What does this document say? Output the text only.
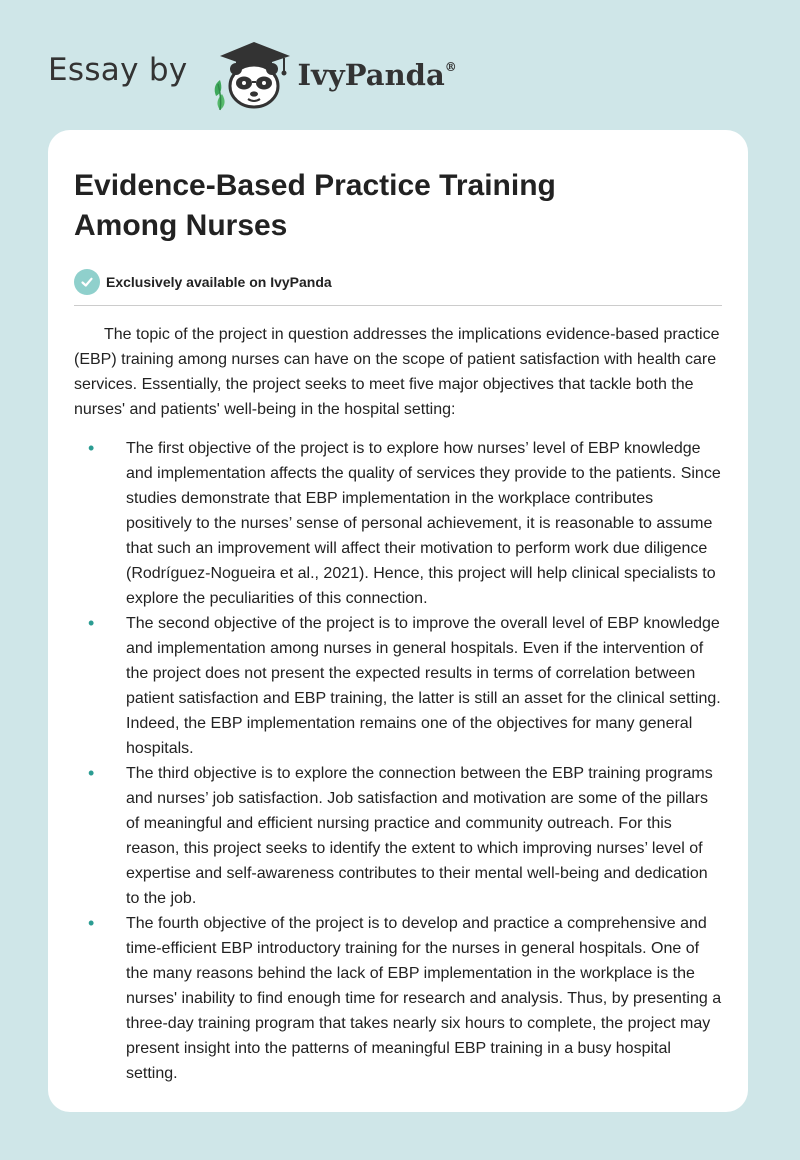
Essay by	IvyPanda®
Evidence-Based Practice Training Among Nurses
Exclusively available on IvyPanda

The topic of the project in question addresses the implications evidence-based practice (EBP) training among nurses can have on the scope of patient satisfaction with health care services. Essentially, the project seeks to meet five major objectives that tackle both the nurses' and patients' well-being in the hospital setting:

• The first objective of the project is to explore how nurses’ level of EBP knowledge and implementation affects the quality of services they provide to the patients. Since studies demonstrate that EBP implementation in the workplace contributes positively to the nurses’ sense of personal achievement, it is reasonable to assume that such an improvement will affect their motivation to perform work due diligence (Rodríguez-Nogueira et al., 2021). Hence, this project will help clinical specialists to explore the peculiarities of this connection.
• The second objective of the project is to improve the overall level of EBP knowledge and implementation among nurses in general hospitals. Even if the intervention of the project does not present the expected results in terms of correlation between patient satisfaction and EBP training, the latter is still an asset for the clinical setting. Indeed, the EBP implementation remains one of the objectives for many general hospitals.
• The third objective is to explore the connection between the EBP training programs and nurses’ job satisfaction. Job satisfaction and motivation are some of the pillars of meaningful and efficient nursing practice and community outreach. For this reason, this project seeks to identify the extent to which improving nurses’ level of expertise and self-awareness contributes to their mental well-being and dedication to the job.
• The fourth objective of the project is to develop and practice a comprehensive and time-efficient EBP introductory training for the nurses in general hospitals. One of the many reasons behind the lack of EBP implementation in the workplace is the nurses' inability to find enough time for research and analysis. Thus, by presenting a three-day training program that takes nearly six hours to complete, the project may present insight into the patterns of meaningful EBP training in a busy hospital setting.
